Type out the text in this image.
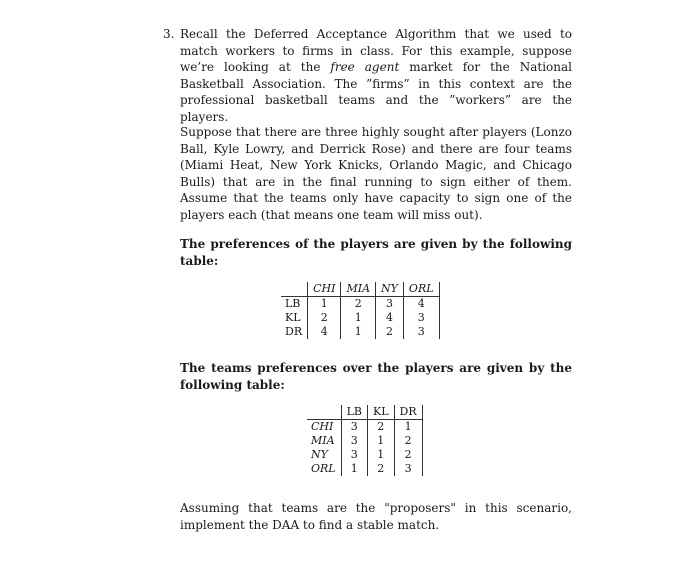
3. Recall the Deferred Acceptance Algorithm that we used to match workers to firms in class. For this example, suppose we’re looking at the free agent market for the National Basketball Association. The ”firms” in this context are the professional basketball teams and the ”workers” are the players.
Suppose that there are three highly sought after players (Lonzo Ball, Kyle Lowry, and Derrick Rose) and there are four teams (Miami Heat, New York Knicks, Orlando Magic, and Chicago Bulls) that are in the final running to sign either of them. Assume that the teams only have capacity to sign one of the players each (that means one team will miss out).
The preferences of the players are given by the following table:
	CHI	MIA	NY	ORL
LB	1	2	3	4
KL	2	1	4	3
DR	4	1	2	3
The teams preferences over the players are given by the following table:
	LB	KL	DR
CHI	3	2	1
MIA	3	1	2
NY	3	1	2
ORL	1	2	3
Assuming that teams are the "proposers" in this scenario, implement the DAA to find a stable match.
